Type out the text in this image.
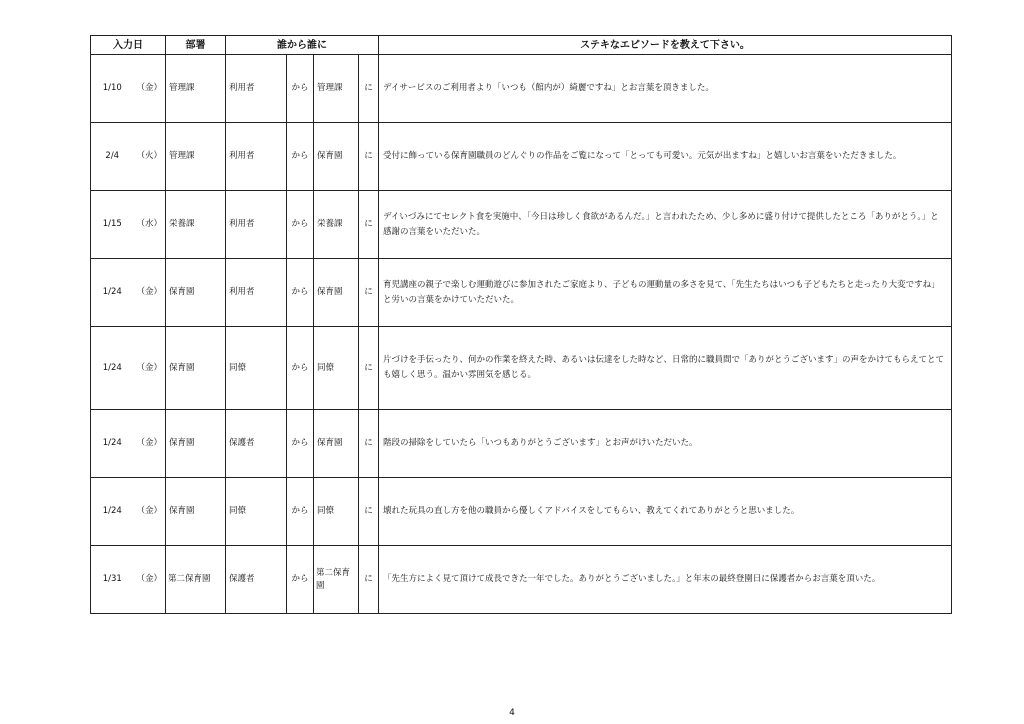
入力日		部署	誰から誰に				ステキなエピソードを教えて下さい。
1/10	（金）	管理課	利用者	から	管理課	に	デイサービスのご利用者より「いつも（館内が）綺麗ですね」とお言葉を頂きました。
2/4	（火）	管理課	利用者	から	保育園	に	受付に飾っている保育園職員のどんぐりの作品をご覧になって「とっても可愛い。元気が出ますね」と嬉しいお言葉をいただきました。
1/15	（水）	栄養課	利用者	から	栄養課	に	デイいづみにてセレクト食を実施中、「今日は珍しく食欲があるんだ。」と言われたため、少し多めに盛り付けて提供したところ「ありがとう。」と感謝の言葉をいただいた。
1/24	（金）	保育園	利用者	から	保育園	に	育児講座の親子で楽しむ運動遊びに参加されたご家庭より、子どもの運動量の多さを見て、「先生たちはいつも子どもたちと走ったり大変ですね」と労いの言葉をかけていただいた。
1/24	（金）	保育園	同僚	から	同僚	に	片づけを手伝ったり、何かの作業を終えた時、あるいは伝達をした時など、日常的に職員間で「ありがとうございます」の声をかけてもらえてとても嬉しく思う。温かい雰囲気を感じる。
1/24	（金）	保育園	保護者	から	保育園	に	階段の掃除をしていたら「いつもありがとうございます」とお声がけいただいた。
1/24	（金）	保育園	同僚	から	同僚	に	壊れた玩具の直し方を他の職員から優しくアドバイスをしてもらい、教えてくれてありがとうと思いました。
1/31	（金）	第二保育園	保護者	から	第二保育園	に	「先生方によく見て頂けて成長できた一年でした。ありがとうございました。」と年末の最終登園日に保護者からお言葉を頂いた。
4
